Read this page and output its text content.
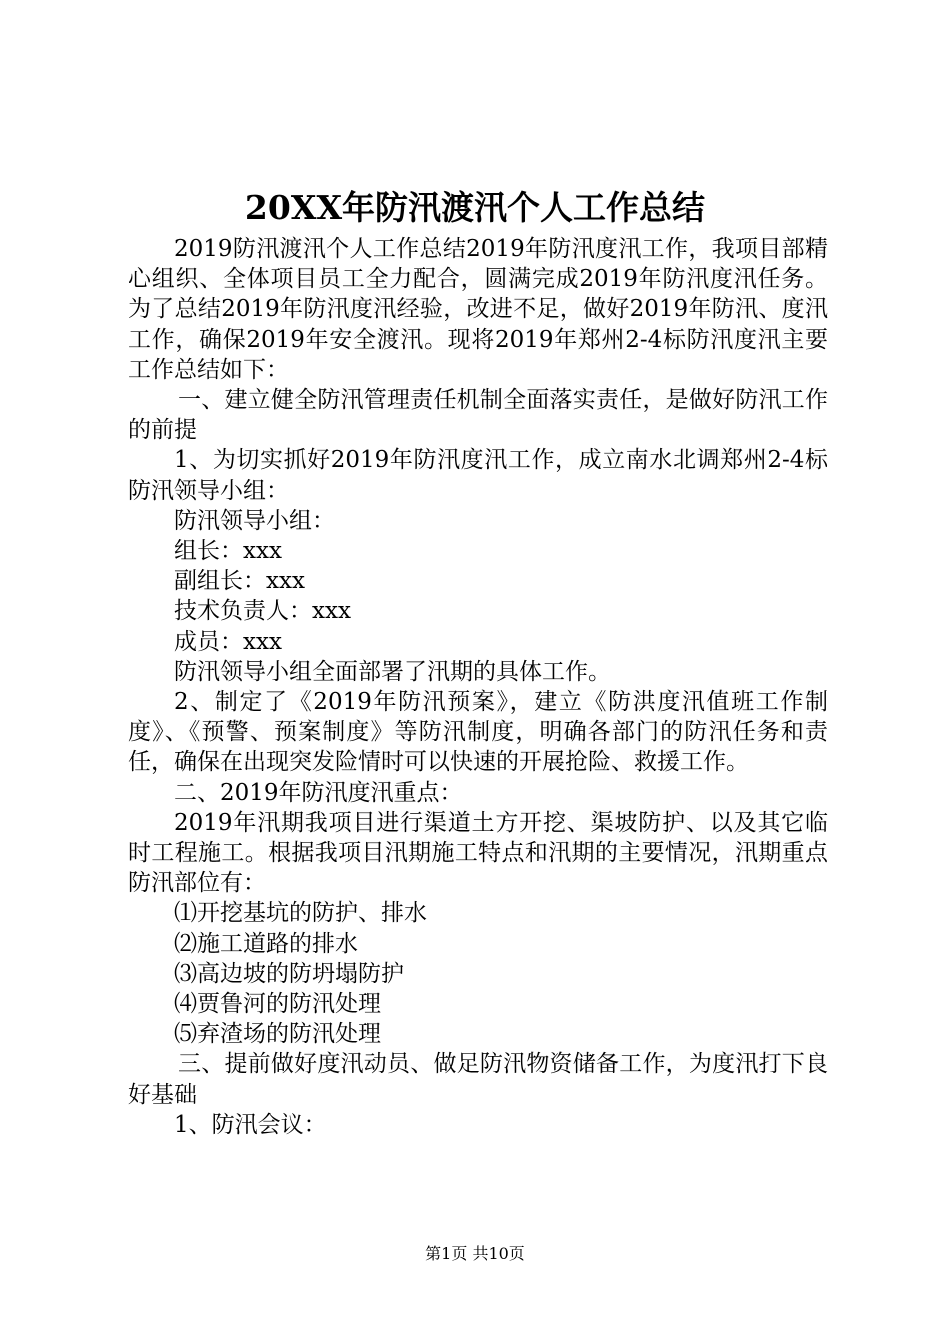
20XX年防汛渡汛个人工作总结

2019防汛渡汛个人工作总结2019年防汛度汛工作，我项目部精心组织、全体项目员工全力配合，圆满完成2019年防汛度汛任务。为了总结2019年防汛度汛经验，改进不足，做好2019年防汛、度汛工作，确保2019年安全渡汛。现将2019年郑州2-4标防汛度汛主要工作总结如下：

一、建立健全防汛管理责任机制全面落实责任，是做好防汛工作的前提

1、为切实抓好2019年防汛度汛工作，成立南水北调郑州2-4标防汛领导小组：

防汛领导小组：

组长：xxx

副组长：xxx

技术负责人：xxx

成员：xxx

防汛领导小组全面部署了汛期的具体工作。

2、制定了《2019年防汛预案》，建立《防洪度汛值班工作制度》、《预警、预案制度》等防汛制度，明确各部门的防汛任务和责任，确保在出现突发险情时可以快速的开展抢险、救援工作。

二、2019年防汛度汛重点：

2019年汛期我项目进行渠道土方开挖、渠坡防护、以及其它临时工程施工。根据我项目汛期施工特点和汛期的主要情况，汛期重点防汛部位有：

⑴开挖基坑的防护、排水

⑵施工道路的排水

⑶高边坡的防坍塌防护

⑷贾鲁河的防汛处理

⑸弃渣场的防汛处理

三、提前做好度汛动员、做足防汛物资储备工作，为度汛打下良好基础

1、防汛会议：

第1页 共10页
